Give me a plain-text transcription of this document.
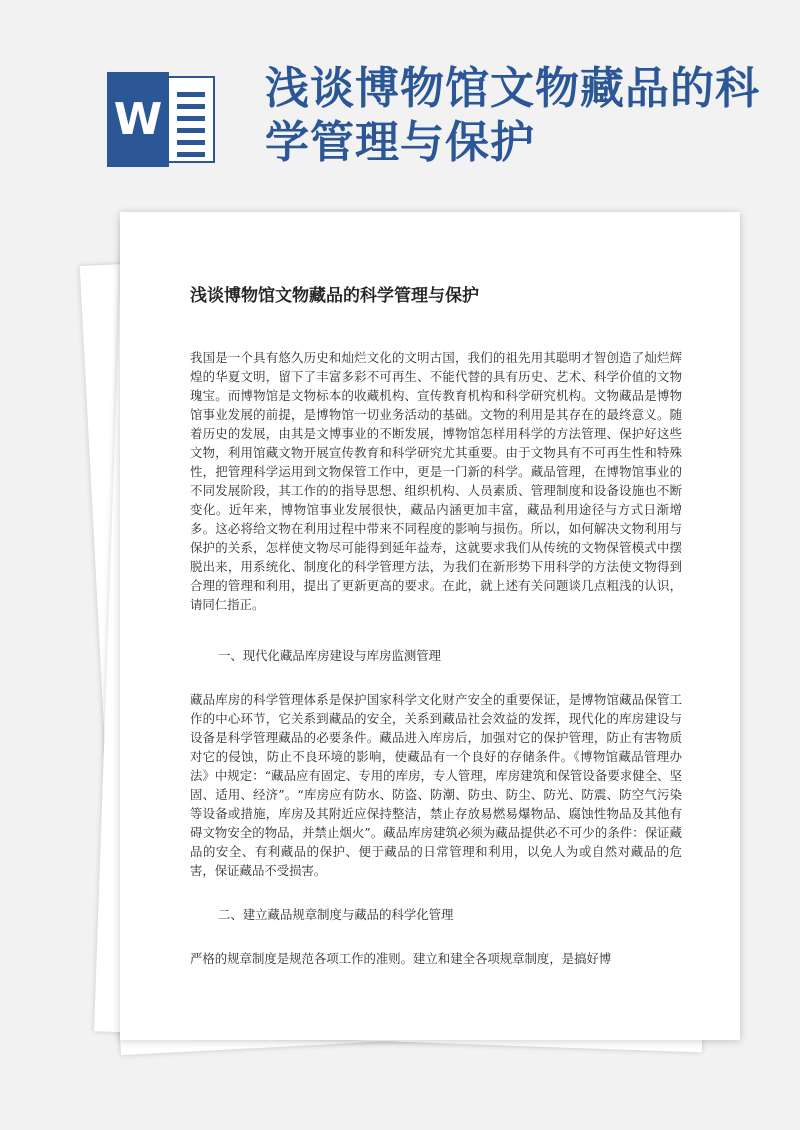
W
浅谈博物馆文物藏品的科学管理与保护
浅谈博物馆文物藏品的科学管理与保护
我国是一个具有悠久历史和灿烂文化的文明古国，我们的祖先用其聪明才智创造了灿烂辉煌的华夏文明，留下了丰富多彩不可再生、不能代替的具有历史、艺术、科学价值的文物瑰宝。而博物馆是文物标本的收藏机构、宣传教育机构和科学研究机构。文物藏品是博物馆事业发展的前提，是博物馆一切业务活动的基础。文物的利用是其存在的最终意义。随着历史的发展，由其是文博事业的不断发展，博物馆怎样用科学的方法管理、保护好这些文物，利用馆藏文物开展宣传教育和科学研究尤其重要。由于文物具有不可再生性和特殊性，把管理科学运用到文物保管工作中，更是一门新的科学。藏品管理，在博物馆事业的不同发展阶段，其工作的的指导思想、组织机构、人员素质、管理制度和设备设施也不断变化。近年来，博物馆事业发展很快，藏品内涵更加丰富，藏品利用途径与方式日渐增多。这必将给文物在利用过程中带来不同程度的影响与损伤。所以，如何解决文物利用与保护的关系，怎样使文物尽可能得到延年益寿，这就要求我们从传统的文物保管模式中摆脱出来，用系统化、制度化的科学管理方法，为我们在新形势下用科学的方法使文物得到合理的管理和利用，提出了更新更高的要求。在此，就上述有关问题谈几点粗浅的认识，请同仁指正。
一、现代化藏品库房建设与库房监测管理
藏品库房的科学管理体系是保护国家科学文化财产安全的重要保证，是博物馆藏品保管工作的中心环节，它关系到藏品的安全，关系到藏品社会效益的发挥，现代化的库房建设与设备是科学管理藏品的必要条件。藏品进入库房后，加强对它的保护管理，防止有害物质对它的侵蚀，防止不良环境的影响，使藏品有一个良好的存储条件。《博物馆藏品管理办法》中规定：“藏品应有固定、专用的库房，专人管理，库房建筑和保管设备要求健全、坚固、适用、经济”。“库房应有防水、防盗、防潮、防虫、防尘、防光、防震、防空气污染等设备或措施，库房及其附近应保持整洁，禁止存放易燃易爆物品、腐蚀性物品及其他有碍文物安全的物品，并禁止烟火”。藏品库房建筑必须为藏品提供必不可少的条件：保证藏品的安全、有利藏品的保护、便于藏品的日常管理和利用，以免人为或自然对藏品的危害，保证藏品不受损害。
二、建立藏品规章制度与藏品的科学化管理
严格的规章制度是规范各项工作的准则。建立和建全各项规章制度，是搞好博
